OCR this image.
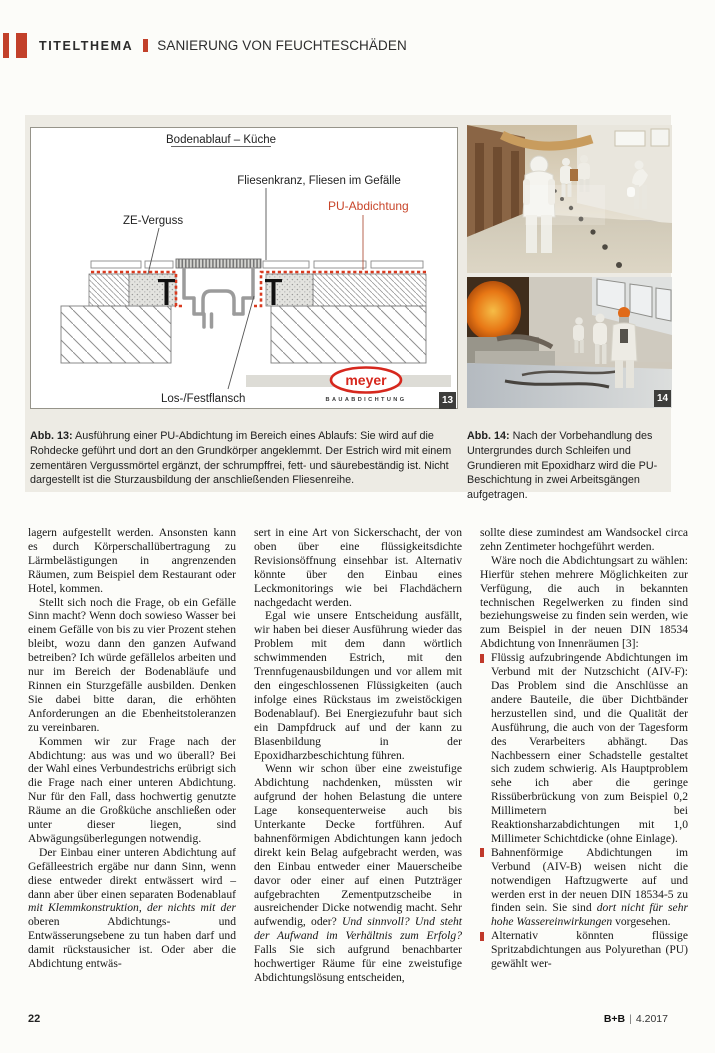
TITELTHEMA SANIERUNG VON FEUCHTESCHÄDEN
Bodenablauf – Küche
ZE-Verguss
Fliesenkranz, Fliesen im Gefälle
PU-Abdichtung
Los-/Festflansch
meyer
BAUABDICHTUNG	13	14

Abb. 13: Ausführung einer PU-Abdichtung im Bereich eines Ablaufs: Sie wird auf die Rohdecke geführt und dort an den Grundkörper angeklemmt. Der Estrich wird mit einem zementären Vergussmörtel ergänzt, der schrumpffrei, fett- und säurebeständig ist. Nicht dargestellt ist die Sturzausbildung der anschließenden Fliesenreihe.

Abb. 14: Nach der Vorbehandlung des Untergrundes durch Schleifen und Grundieren mit Epoxidharz wird die PU-Beschichtung in zwei Arbeitsgängen aufgetragen.

lagern aufgestellt werden. Ansonsten kann es durch Körperschallübertragung zu Lärmbelästigungen in angrenzenden Räumen, zum Beispiel dem Restaurant oder Hotel, kommen.

Stellt sich noch die Frage, ob ein Gefälle Sinn macht? Wenn doch sowieso Wasser bei einem Gefälle von bis zu vier Prozent stehen bleibt, wozu dann den ganzen Aufwand betreiben? Ich würde gefällelos arbeiten und nur im Bereich der Bodenabläufe und Rinnen ein Sturzgefälle ausbilden. Denken Sie dabei bitte daran, die erhöhten Anforderungen an die Ebenheitstoleranzen zu vereinbaren.

Kommen wir zur Frage nach der Abdichtung: aus was und wo überall? Bei der Wahl eines Verbundestrichs erübrigt sich die Frage nach einer unteren Abdichtung. Nur für den Fall, dass hochwertig genutzte Räume an die Großküche anschließen oder unter dieser liegen, sind Abwägungsüberlegungen notwendig.

Der Einbau einer unteren Abdichtung auf Gefälleestrich ergäbe nur dann Sinn, wenn diese entweder direkt entwässert wird – dann aber über einen separaten Bodenablauf mit Klemmkonstruktion, der nichts mit der oberen Abdichtungs- und Entwässerungsebene zu tun haben darf und damit rückstausicher ist. Oder aber die Abdichtung entwäs-

sert in eine Art von Sickerschacht, der von oben über eine flüssigkeitsdichte Revisionsöffnung einsehbar ist. Alternativ könnte über den Einbau eines Leckmonitorings wie bei Flachdächern nachgedacht werden.

Egal wie unsere Entscheidung ausfällt, wir haben bei dieser Ausführung wieder das Problem mit dem dann wörtlich schwimmenden Estrich, mit den Trennfugenausbildungen und vor allem mit den eingeschlossenen Flüssigkeiten (auch infolge eines Rückstaus im zweistöckigen Bodenablauf). Bei Energiezufuhr baut sich ein Dampfdruck auf und der kann zu Blasenbildung in der Epoxidharzbeschichtung führen.

Wenn wir schon über eine zweistufige Abdichtung nachdenken, müssten wir aufgrund der hohen Belastung die untere Lage konsequenterweise auch bis Unterkante Decke fortführen. Auf bahnenförmigen Abdichtungen kann jedoch direkt kein Belag aufgebracht werden, was den Einbau entweder einer Mauerscheibe davor oder einer auf einen Putzträger aufgebrachten Zementputzscheibe in ausreichender Dicke notwendig macht. Sehr aufwendig, oder? Und sinnvoll? Und steht der Aufwand im Verhältnis zum Erfolg? Falls Sie sich aufgrund benachbarter hochwertiger Räume für eine zweistufige Abdichtungslösung entscheiden,

sollte diese zumindest am Wandsockel circa zehn Zentimeter hochgeführt werden.

Wäre noch die Abdichtungsart zu wählen: Hierfür stehen mehrere Möglichkeiten zur Verfügung, die auch in bekannten technischen Regelwerken zu finden sind beziehungsweise zu finden sein werden, wie zum Beispiel in der neuen DIN 18534 Abdichtung von Innenräumen [3]:

Flüssig aufzubringende Abdichtungen im Verbund mit der Nutzschicht (AIV-F): Das Problem sind die Anschlüsse an andere Bauteile, die über Dichtbänder herzustellen sind, und die Qualität der Ausführung, die auch von der Tagesform des Verarbeiters abhängt. Das Nachbessern einer Schadstelle gestaltet sich zudem schwierig. Als Hauptproblem sehe ich aber die geringe Rissüberbrückung von zum Beispiel 0,2 Millimetern bei Reaktionsharzabdichtungen mit 1,0 Millimeter Schichtdicke (ohne Einlage).

Bahnenförmige Abdichtungen im Verbund (AIV-B) weisen nicht die notwendigen Haftzugwerte auf und werden erst in der neuen DIN 18534-5 zu finden sein. Sie sind dort nicht für sehr hohe Wassereinwirkungen vorgesehen.

Alternativ könnten flüssige Spritzabdichtungen aus Polyurethan (PU) gewählt wer-

22	B+B | 4.2017
